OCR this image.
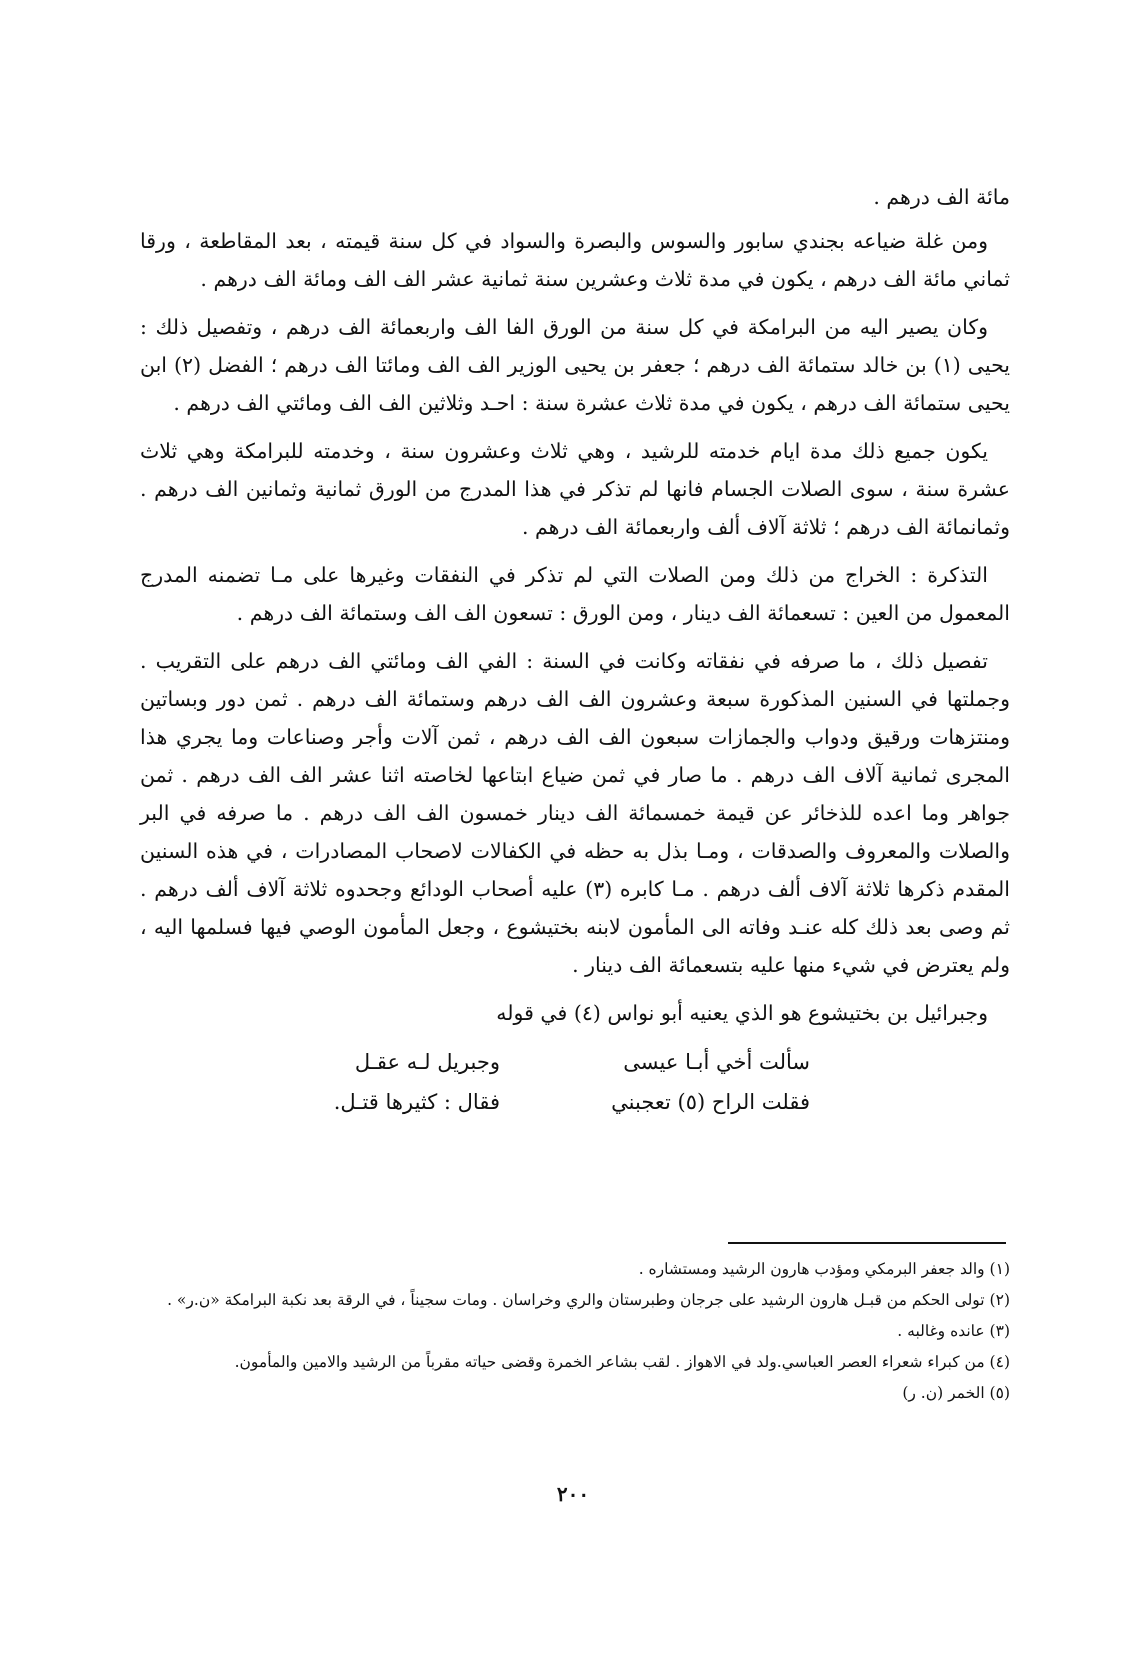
مائة الف درهم .

ومن غلة ضياعه بجندي سابور والسوس والبصرة والسواد في كل سنة قيمته ، بعد المقاطعة ، ورقا ثماني مائة الف درهم ، يكون في مدة ثلاث وعشرين سنة ثمانية عشر الف الف ومائة الف درهم .

وكان يصير اليه من البرامكة في كل سنة من الورق الفا الف واربعمائة الف درهم ، وتفصيل ذلك : يحيى (١) بن خالد ستمائة الف درهم ؛ جعفر بن يحيى الوزير الف الف ومائتا الف درهم ؛ الفضل (٢) ابن يحيى ستمائة الف درهم ، يكون في مدة ثلاث عشرة سنة : احـد وثلاثين الف الف ومائتي الف درهم .

يكون جميع ذلك مدة ايام خدمته للرشيد ، وهي ثلاث وعشرون سنة ، وخدمته للبرامكة وهي ثلاث عشرة سنة ، سوى الصلات الجسام فانها لم تذكر في هذا المدرج من الورق ثمانية وثمانين الف درهم . وثمانمائة الف درهم ؛ ثلاثة آلاف ألف واربعمائة الف درهم .

التذكرة : الخراج من ذلك ومن الصلات التي لم تذكر في النفقات وغيرها على مـا تضمنه المدرج المعمول من العين : تسعمائة الف دينار ، ومن الورق : تسعون الف الف وستمائة الف درهم .

تفصيل ذلك ، ما صرفه في نفقاته وكانت في السنة : الفي الف ومائتي الف درهم على التقريب . وجملتها في السنين المذكورة سبعة وعشرون الف الف درهم وستمائة الف درهم . ثمن دور وبساتين ومنتزهات ورقيق ودواب والجمازات سبعون الف الف درهم ، ثمن آلات وأجر وصناعات وما يجري هذا المجرى ثمانية آلاف الف درهم . ما صار في ثمن ضياع ابتاعها لخاصته اثنا عشر الف الف درهم . ثمن جواهر وما اعده للذخائر عن قيمة خمسمائة الف دينار خمسون الف الف درهم . ما صرفه في البر والصلات والمعروف والصدقات ، ومـا بذل به حظه في الكفالات لاصحاب المصادرات ، في هذه السنين المقدم ذكرها ثلاثة آلاف ألف درهم . مـا كابره (٣) عليه أصحاب الودائع وجحدوه ثلاثة آلاف ألف درهم . ثم وصى بعد ذلك كله عنـد وفاته الى المأمون لابنه بختيشوع ، وجعل المأمون الوصي فيها فسلمها اليه ، ولم يعترض في شيء منها عليه بتسعمائة الف دينار .

وجبرائيل بن بختيشوع هو الذي يعنيه أبو نواس (٤) في قوله

سألت أخي أبـا عيسى
وجبريل لـه عقـل
فقلت الراح (٥) تعجبني
فقال : كثيرها قتـل.

(١) والد جعفر البرمكي ومؤدب هارون الرشيد ومستشاره .

(٢) تولى الحكم من قبـل هارون الرشيد على جرجان وطبرستان والري وخراسان . ومات سجيناً ، في الرقة بعد نكبة البرامكة «ن.ر» .

(٣) عانده وغالبه .

(٤) من كبراء شعراء العصر العباسي.ولد في الاهواز . لقب بشاعر الخمرة وقضى حياته مقرباً من الرشيد والامين والمأمون.

(٥) الخمر (ن. ر)

٢٠٠
